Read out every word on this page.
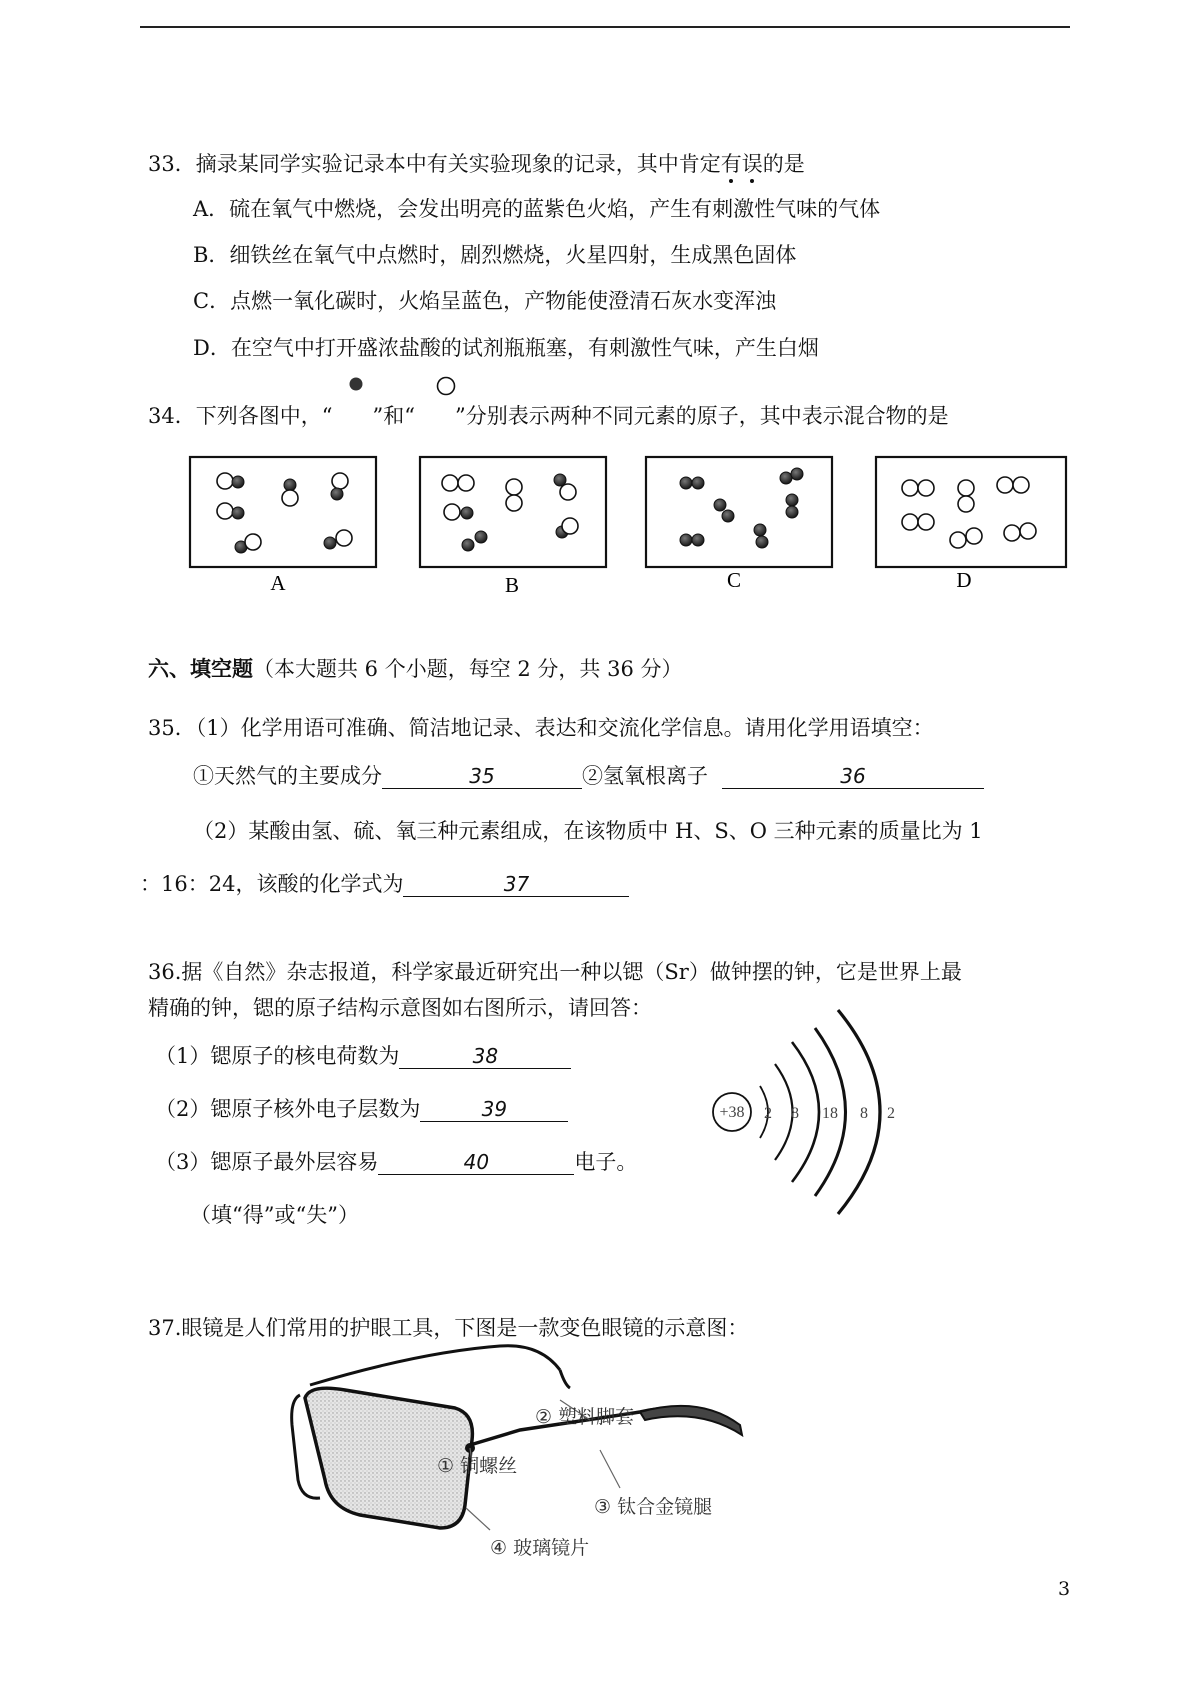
33．摘录某同学实验记录本中有关实验现象的记录，其中肯定有误的是
A．硫在氧气中燃烧，会发出明亮的蓝紫色火焰，产生有刺激性气味的气体
B．细铁丝在氧气中点燃时，剧烈燃烧，火星四射，生成黑色固体
C．点燃一氧化碳时，火焰呈蓝色，产物能使澄清石灰水变浑浊
D．在空气中打开盛浓盐酸的试剂瓶瓶塞，有刺激性气味，产生白烟
34．下列各图中，“ ”和“ ”分别表示两种不同元素的原子，其中表示混合物的是
A	B	C	D
六、填空题（本大题共 6 个小题，每空 2 分，共 36 分）
35．（1）化学用语可准确、简洁地记录、表达和交流化学信息。请用化学用语填空：
①天然气的主要成分	35	②氢氧根离子	36
（2）某酸由氢、硫、氧三种元素组成，在该物质中 H、S、O 三种元素的质量比为 1
：16：24，该酸的化学式为	37
36.据《自然》杂志报道，科学家最近研究出一种以锶（Sr）做钟摆的钟，它是世界上最
精确的钟，锶的原子结构示意图如右图所示，请回答：
（1）锶原子的核电荷数为	38
（2）锶原子核外电子层数为	39
（3）锶原子最外层容易	40	电子。
（填“得”或“失”）
+38 2 8 18 8 2
37.眼镜是人们常用的护眼工具，下图是一款变色眼镜的示意图：
② 塑料脚套
① 铜螺丝
③ 钛合金镜腿
④ 玻璃镜片
3
